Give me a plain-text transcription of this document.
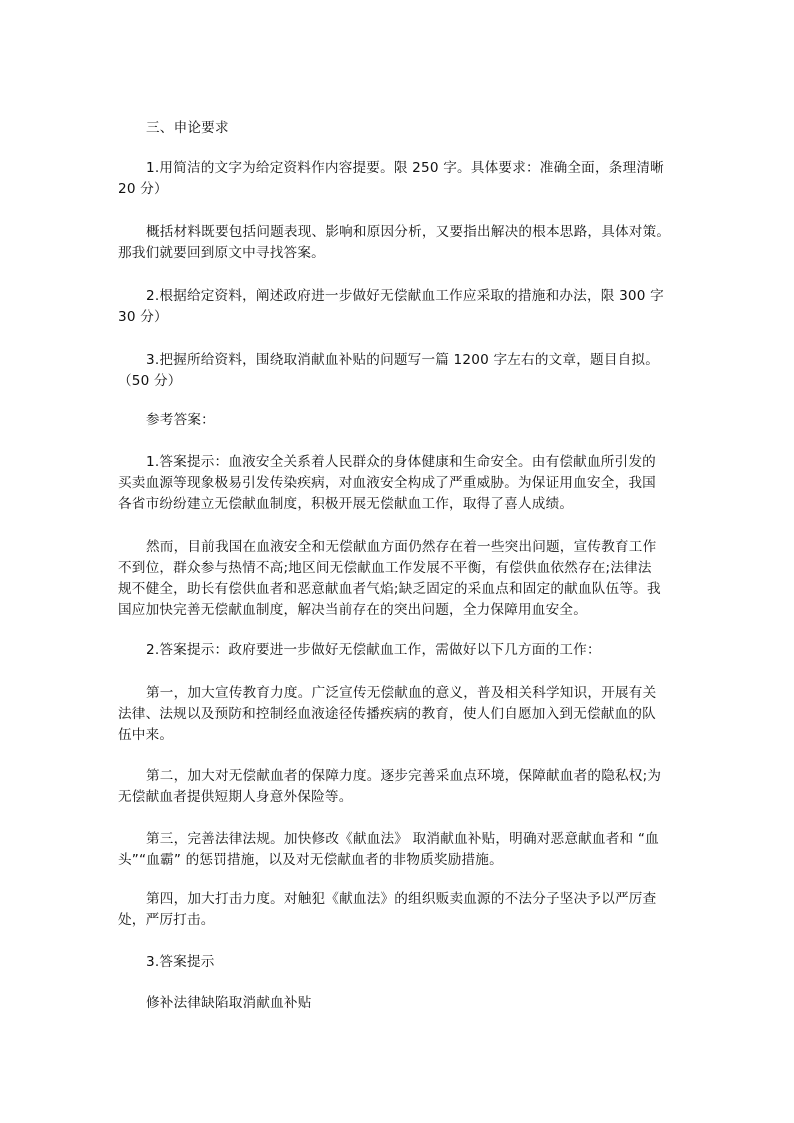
三、申论要求
1.用简洁的文字为给定资料作内容提要。限 250 字。具体要求：准确全面，条理清晰
20 分）
概括材料既要包括问题表现、影响和原因分析，又要指出解决的根本思路，具体对策。
那我们就要回到原文中寻找答案。
2.根据给定资料，阐述政府进一步做好无偿献血工作应采取的措施和办法，限 300 字
30 分）
3.把握所给资料，围绕取消献血补贴的问题写一篇 1200 字左右的文章，题目自拟。
（50 分）
参考答案：
1.答案提示：血液安全关系着人民群众的身体健康和生命安全。由有偿献血所引发的
买卖血源等现象极易引发传染疾病，对血液安全构成了严重威胁。为保证用血安全，我国
各省市纷纷建立无偿献血制度，积极开展无偿献血工作，取得了喜人成绩。
然而，目前我国在血液安全和无偿献血方面仍然存在着一些突出问题，宣传教育工作
不到位，群众参与热情不高;地区间无偿献血工作发展不平衡，有偿供血依然存在;法律法
规不健全，助长有偿供血者和恶意献血者气焰;缺乏固定的采血点和固定的献血队伍等。我
国应加快完善无偿献血制度，解决当前存在的突出问题，全力保障用血安全。
2.答案提示：政府要进一步做好无偿献血工作，需做好以下几方面的工作：
第一，加大宣传教育力度。广泛宣传无偿献血的意义，普及相关科学知识，开展有关
法律、法规以及预防和控制经血液途径传播疾病的教育，使人们自愿加入到无偿献血的队
伍中来。
第二，加大对无偿献血者的保障力度。逐步完善采血点环境，保障献血者的隐私权;为
无偿献血者提供短期人身意外保险等。
第三，完善法律法规。加快修改《献血法》 取消献血补贴，明确对恶意献血者和 “血
头”“血霸” 的惩罚措施，以及对无偿献血者的非物质奖励措施。
第四，加大打击力度。对触犯《献血法》的组织贩卖血源的不法分子坚决予以严厉查
处，严厉打击。
3.答案提示
修补法律缺陷取消献血补贴
